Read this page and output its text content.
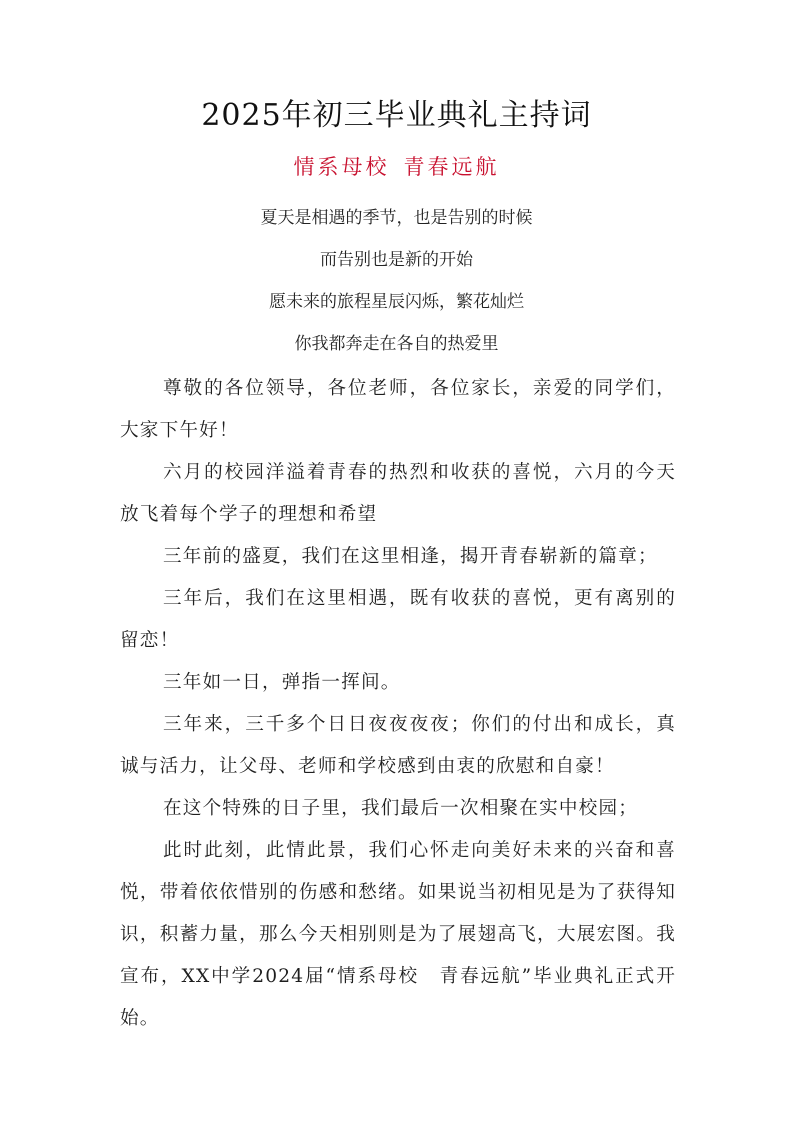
2025年初三毕业典礼主持词
情系母校 青春远航
夏天是相遇的季节，也是告别的时候
而告别也是新的开始
愿未来的旅程星辰闪烁，繁花灿烂
你我都奔走在各自的热爱里

尊敬的各位领导，各位老师，各位家长，亲爱的同学们，大家下午好！

六月的校园洋溢着青春的热烈和收获的喜悦，六月的今天放飞着每个学子的理想和希望

三年前的盛夏，我们在这里相逢，揭开青春崭新的篇章；

三年后，我们在这里相遇，既有收获的喜悦，更有离别的留恋！

三年如一日，弹指一挥间。

三年来，三千多个日日夜夜夜夜；你们的付出和成长，真诚与活力，让父母、老师和学校感到由衷的欣慰和自豪！

在这个特殊的日子里，我们最后一次相聚在实中校园；

此时此刻，此情此景，我们心怀走向美好未来的兴奋和喜悦，带着依依惜别的伤感和愁绪。如果说当初相见是为了获得知识，积蓄力量，那么今天相别则是为了展翅高飞，大展宏图。我宣布，XX中学2024届“情系母校　青春远航”毕业典礼正式开始。
